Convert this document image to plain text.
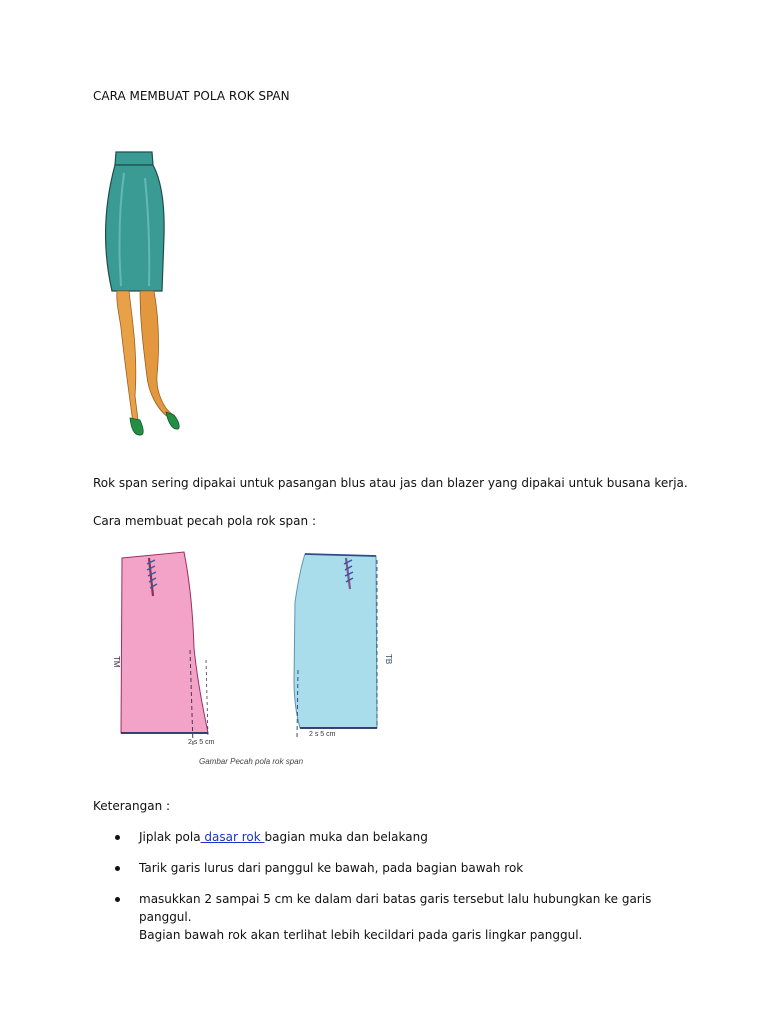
CARA MEMBUAT POLA ROK SPAN
Rok span sering dipakai untuk pasangan blus atau jas dan blazer yang dipakai untuk busana kerja.
Cara membuat pecah pola rok span :
TM
2 s 5 cm
TB
2 s 5 cm
Gambar Pecah pola rok span
Keterangan :
Jiplak pola dasar rok bagian muka dan belakang
Tarik garis lurus dari panggul ke bawah, pada bagian bawah rok
masukkan 2 sampai 5 cm ke dalam dari batas garis tersebut lalu hubungkan ke garis panggul.
Bagian bawah rok akan terlihat lebih kecildari pada garis lingkar panggul.
